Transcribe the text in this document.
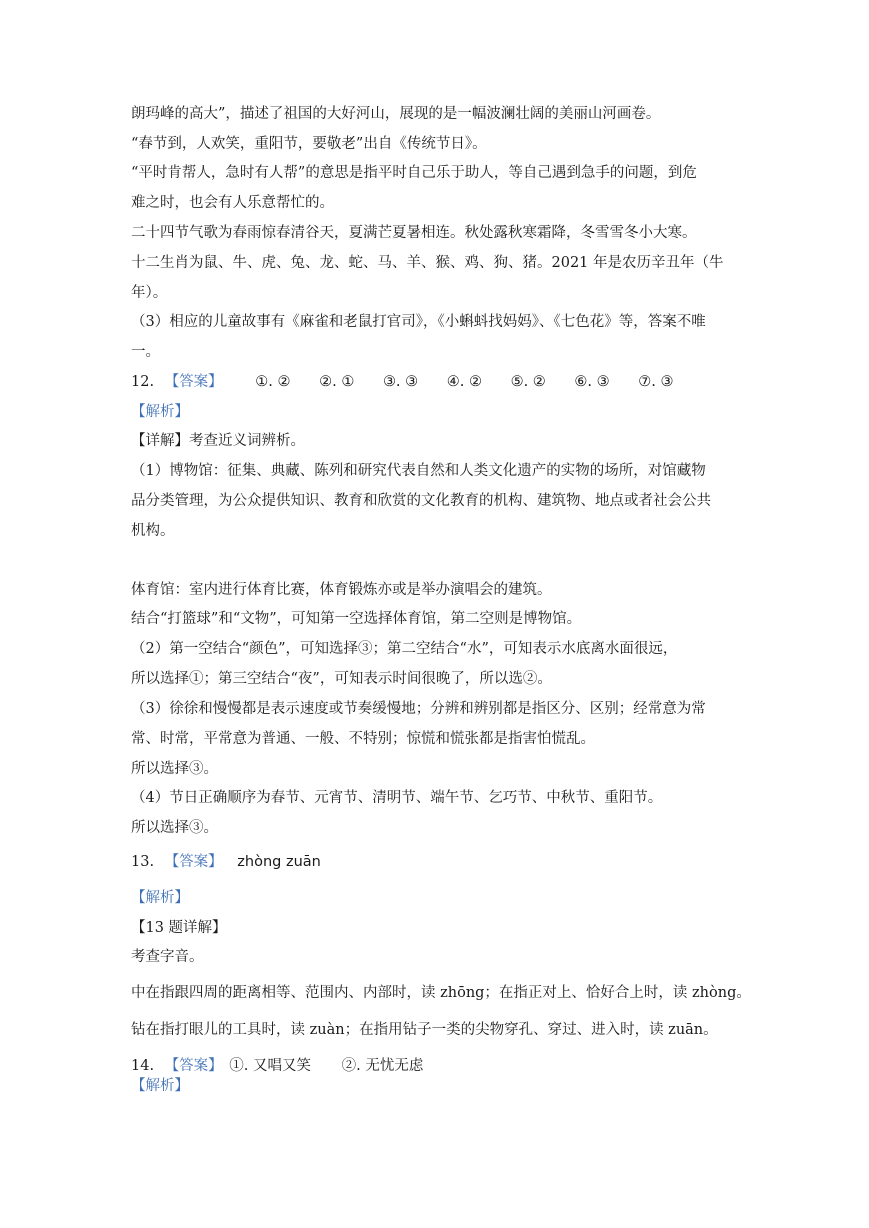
朗玛峰的高大”，描述了祖国的大好河山，展现的是一幅波澜壮阔的美丽山河画卷。
“春节到，人欢笑，重阳节，要敬老”出自《传统节日》。
“平时肯帮人，急时有人帮”的意思是指平时自己乐于助人，等自己遇到急手的问题，到危
难之时，也会有人乐意帮忙的。
二十四节气歌为春雨惊春清谷天，夏满芒夏暑相连。秋处露秋寒霜降，冬雪雪冬小大寒。
十二生肖为鼠、牛、虎、兔、龙、蛇、马、羊、猴、鸡、狗、猪。2021 年是农历辛丑年（牛
年）。
（3）相应的儿童故事有《麻雀和老鼠打官司》，《小蝌蚪找妈妈》、《七色花》等，答案不唯
一。
12. 【答案】 ①. ② ②. ① ③. ③ ④. ② ⑤. ② ⑥. ③ ⑦. ③
【解析】
【详解】考查近义词辨析。
（1）博物馆：征集、典藏、陈列和研究代表自然和人类文化遗产的实物的场所，对馆藏物
品分类管理，为公众提供知识、教育和欣赏的文化教育的机构、建筑物、地点或者社会公共
机构。
体育馆：室内进行体育比赛，体育锻炼亦或是举办演唱会的建筑。
结合“打篮球”和“文物”，可知第一空选择体育馆，第二空则是博物馆。
（2）第一空结合“颜色”，可知选择③；第二空结合“水”，可知表示水底离水面很远，
所以选择①；第三空结合“夜”，可知表示时间很晚了，所以选②。
（3）徐徐和慢慢都是表示速度或节奏缓慢地；分辨和辨别都是指区分、区别；经常意为常
常、时常，平常意为普通、一般、不特别；惊慌和慌张都是指害怕慌乱。
所以选择③。
（4）节日正确顺序为春节、元宵节、清明节、端午节、乞巧节、中秋节、重阳节。
所以选择③。
13. 【答案】 zhòng zuān
【解析】
【13 题详解】
考查字音。
中在指跟四周的距离相等、范围内、内部时，读 zhōng；在指正对上、恰好合上时，读 zhòng。
钻在指打眼儿的工具时，读 zuàn；在指用钻子一类的尖物穿孔、穿过、进入时，读 zuān。
14. 【答案】 ①. 又唱又笑 ②. 无忧无虑
【解析】
